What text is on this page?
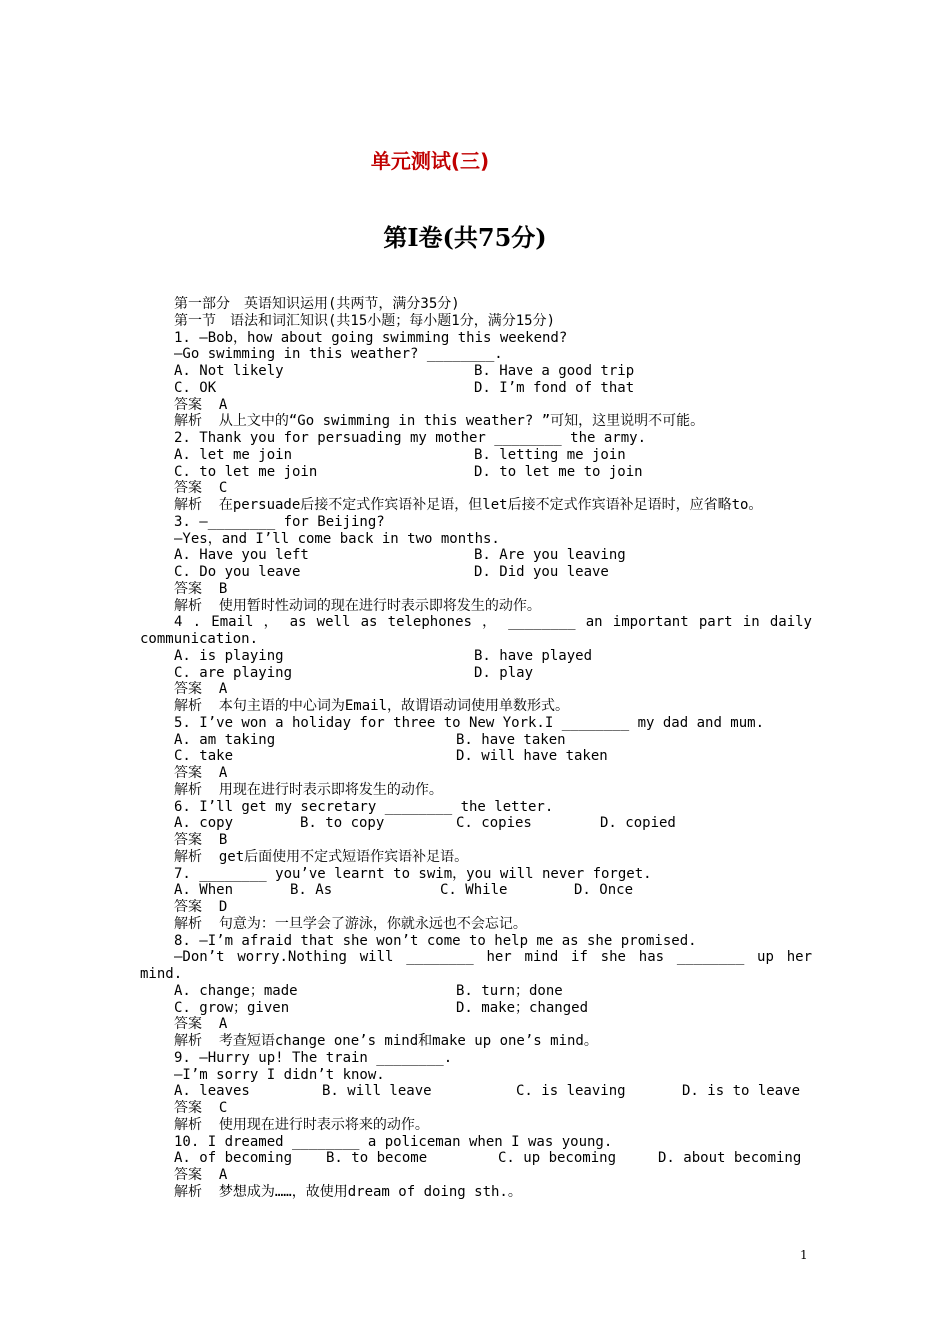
单元测试(三)
第Ⅰ卷(共75分)
第一部分　英语知识运用(共两节，满分35分)
第一节　语法和词汇知识(共15小题；每小题1分，满分15分)
1. —Bob，how about going swimming this weekend?
—Go swimming in this weather? ________.
A. Not likely	B. Have a good trip
C. OK	D. I’m fond of that
答案 A
解析 从上文中的“Go swimming in this weather? ”可知，这里说明不可能。
2. Thank you for persuading my mother ________ the army.
A. let me join	B. letting me join
C. to let me join	D. to let me to join
答案 C
解析 在persuade后接不定式作宾语补足语，但let后接不定式作宾语补足语时，应省略to。
3. —________ for Beijing?
—Yes，and I’ll come back in two months.
A. Have you left	B. Are you leaving
C. Do you leave	D. Did you leave
答案 B
解析 使用暂时性动词的现在进行时表示即将发生的动作。
4 . Email ， as well as telephones ， ________ an important part in daily communication.
A. is playing	B. have played
C. are playing	D. play
答案 A
解析 本句主语的中心词为Email，故谓语动词使用单数形式。
5. I’ve won a holiday for three to New York.I ________ my dad and mum.
A. am taking	B. have taken
C. take	D. will have taken
答案 A
解析 用现在进行时表示即将发生的动作。
6. I’ll get my secretary ________ the letter.
A. copy	B. to copy	C. copies	D. copied
答案 B
解析 get后面使用不定式短语作宾语补足语。
7. ________ you’ve learnt to swim，you will never forget.
A. When	B. As	C. While	D. Once
答案 D
解析 句意为：一旦学会了游泳，你就永远也不会忘记。
8. —I’m afraid that she won’t come to help me as she promised.
—Don’t worry.Nothing will ________ her mind if she has ________ up her mind.
A. change；made	B. turn；done
C. grow；given	D. make；changed
答案 A
解析 考查短语change one’s mind和make up one’s mind。
9. —Hurry up! The train ________.
—I’m sorry I didn’t know.
A. leaves	B. will leave	C. is leaving	D. is to leave
答案 C
解析 使用现在进行时表示将来的动作。
10. I dreamed ________ a policeman when I was young.
A. of becoming B. to become	C. up becoming	D. about becoming
答案 A
解析 梦想成为……，故使用dream of doing sth.。
1
